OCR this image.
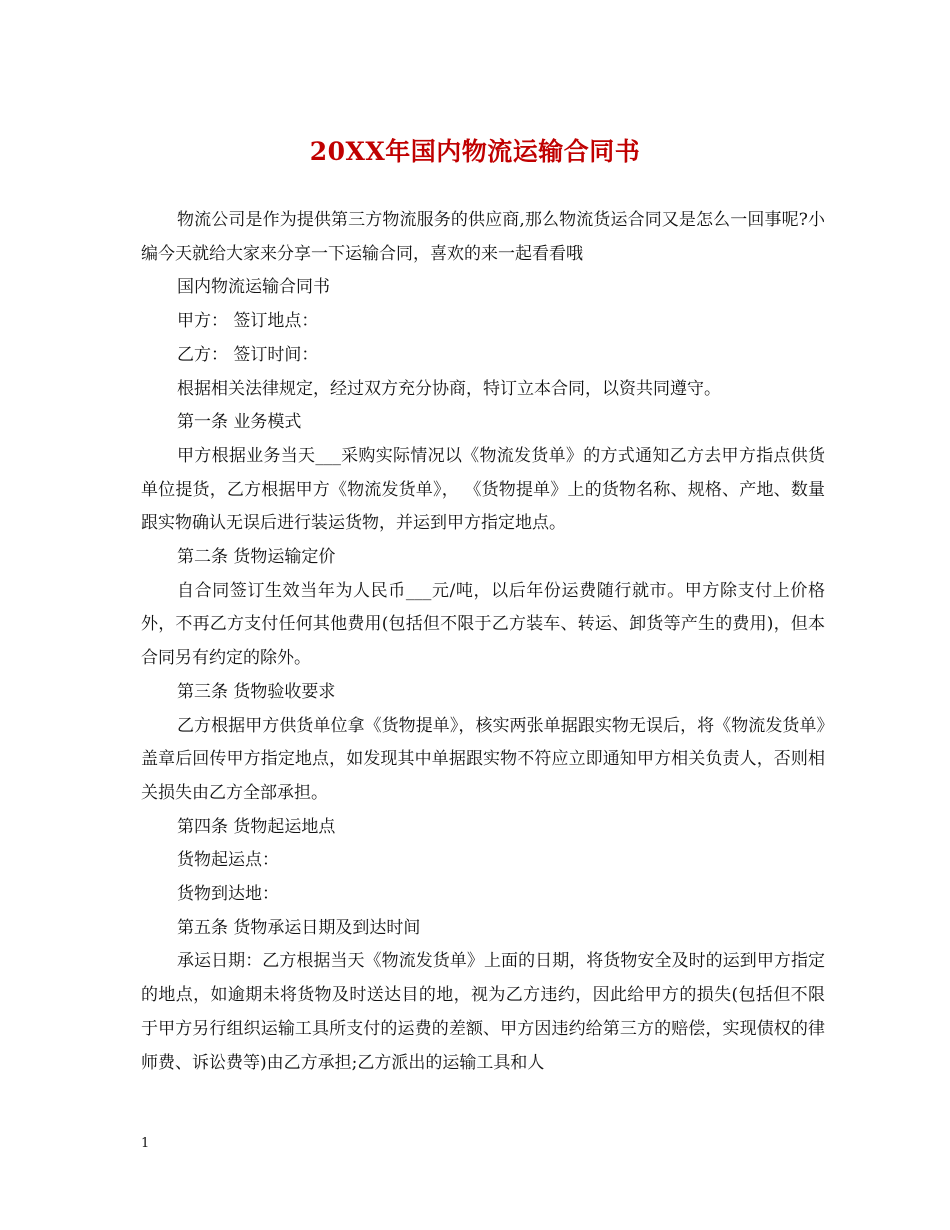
20XX年国内物流运输合同书

物流公司是作为提供第三方物流服务的供应商,那么物流货运合同又是怎么一回事呢?小编今天就给大家来分享一下运输合同，喜欢的来一起看看哦

国内物流运输合同书

甲方： 签订地点：

乙方： 签订时间：

根据相关法律规定，经过双方充分协商，特订立本合同，以资共同遵守。

第一条 业务模式

甲方根据业务当天___采购实际情况以《物流发货单》的方式通知乙方去甲方指点供货单位提货，乙方根据甲方《物流发货单》， 《货物提单》上的货物名称、规格、产地、数量跟实物确认无误后进行装运货物，并运到甲方指定地点。

第二条 货物运输定价

自合同签订生效当年为人民币___元/吨，以后年份运费随行就市。甲方除支付上价格外，不再乙方支付任何其他费用(包括但不限于乙方装车、转运、卸货等产生的费用)，但本合同另有约定的除外。

第三条 货物验收要求

乙方根据甲方供货单位拿《货物提单》，核实两张单据跟实物无误后，将《物流发货单》盖章后回传甲方指定地点，如发现其中单据跟实物不符应立即通知甲方相关负责人，否则相关损失由乙方全部承担。

第四条 货物起运地点

货物起运点：

货物到达地：

第五条 货物承运日期及到达时间

承运日期：乙方根据当天《物流发货单》上面的日期，将货物安全及时的运到甲方指定的地点，如逾期未将货物及时送达目的地，视为乙方违约，因此给甲方的损失(包括但不限于甲方另行组织运输工具所支付的运费的差额、甲方因违约给第三方的赔偿，实现债权的律师费、诉讼费等)由乙方承担;乙方派出的运输工具和人

1
